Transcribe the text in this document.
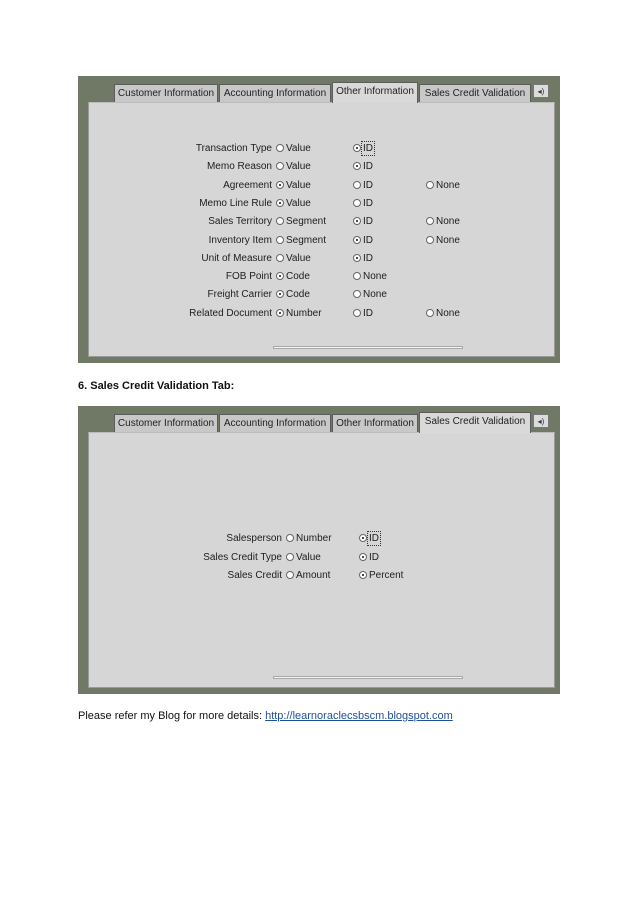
Customer Information Accounting Information Other Information	Sales Credit Validation	◂)
Transaction Type	Value	ID
Memo Reason	Value	ID
Agreement	Value	ID	None
Memo Line Rule	Value	ID
Sales Territory	Segment	ID	None
Inventory Item	Segment	ID	None
Unit of Measure	Value	ID
FOB Point	Code	None
Freight Carrier	Code	None
Related Document	Number	ID	None
6. Sales Credit Validation Tab:
Customer Information Accounting Information Other Information	Sales Credit Validation	◂)
Salesperson	Number	ID
Sales Credit Type	Value	ID
Sales Credit	Amount	Percent
Please refer my Blog for more details: http://learnoraclecsbscm.blogspot.com
